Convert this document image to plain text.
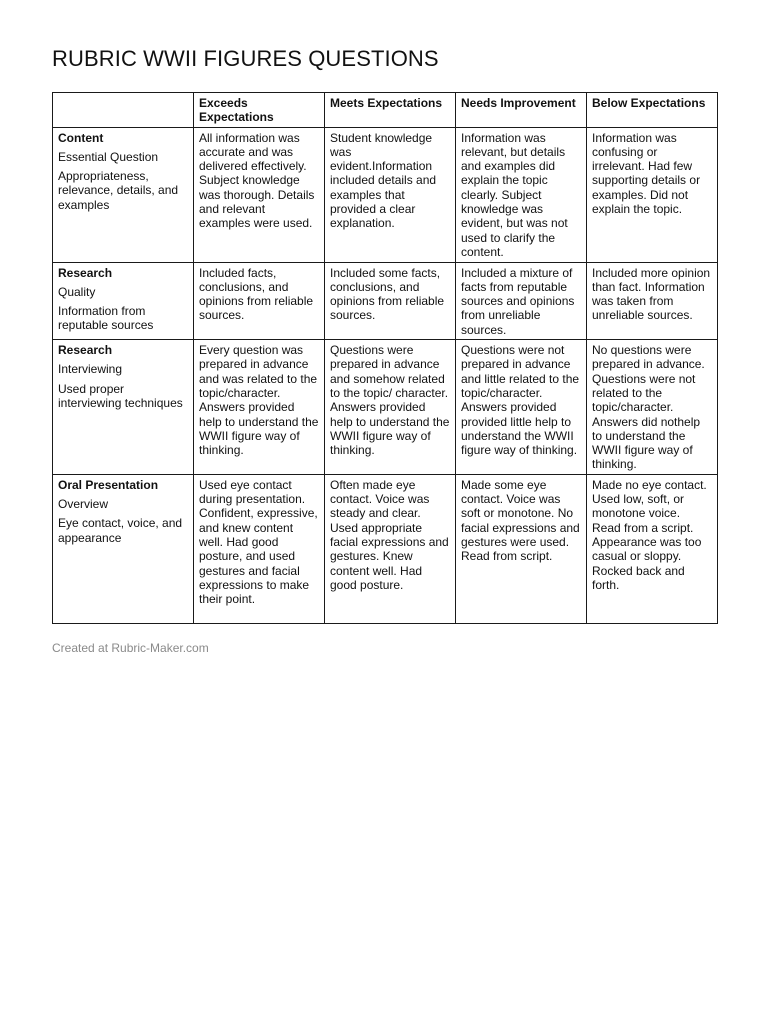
RUBRIC WWII FIGURES QUESTIONS
	Exceeds Expectations	Meets Expectations	Needs Improvement	Below Expectations

Content
Essential Question
Appropriateness, relevance, details, and examples	All information was accurate and was delivered effectively. Subject knowledge was thorough. Details and relevant examples were used.	Student knowledge was evident.Information included details and examples that provided a clear explanation.	Information was relevant, but details and examples did explain the topic clearly. Subject knowledge was evident, but was not used to clarify the content.	Information was confusing or irrelevant. Had few supporting details or examples. Did not explain the topic.

Research
Quality
Information from reputable sources	Included facts, conclusions, and opinions from reliable sources.	Included some facts, conclusions, and opinions from reliable sources.	Included a mixture of facts from reputable sources and opinions from unreliable sources.	Included more opinion than fact. Information was taken from unreliable sources.

Research
Interviewing
Used proper interviewing techniques	Every question was prepared in advance and was related to the topic/character. Answers provided help to understand the WWII figure way of thinking.	Questions were prepared in advance and somehow related to the topic/ character. Answers provided help to understand the WWII figure way of thinking.	Questions were not prepared in advance and little related to the topic/character. Answers provided provided little help to understand the WWII figure way of thinking.	No questions were prepared in advance. Questions were not related to the topic/character. Answers did nothelp to understand the WWII figure way of thinking.

Oral Presentation
Overview
Eye contact, voice, and appearance	Used eye contact during presentation. Confident, expressive, and knew content well. Had good posture, and used gestures and facial expressions to make their point.	Often made eye contact. Voice was steady and clear. Used appropriate facial expressions and gestures. Knew content well. Had good posture.	Made some eye contact. Voice was soft or monotone. No facial expressions and gestures were used. Read from script.	Made no eye contact. Used low, soft, or monotone voice. Read from a script. Appearance was too casual or sloppy. Rocked back and forth.
Created at Rubric-Maker.com
